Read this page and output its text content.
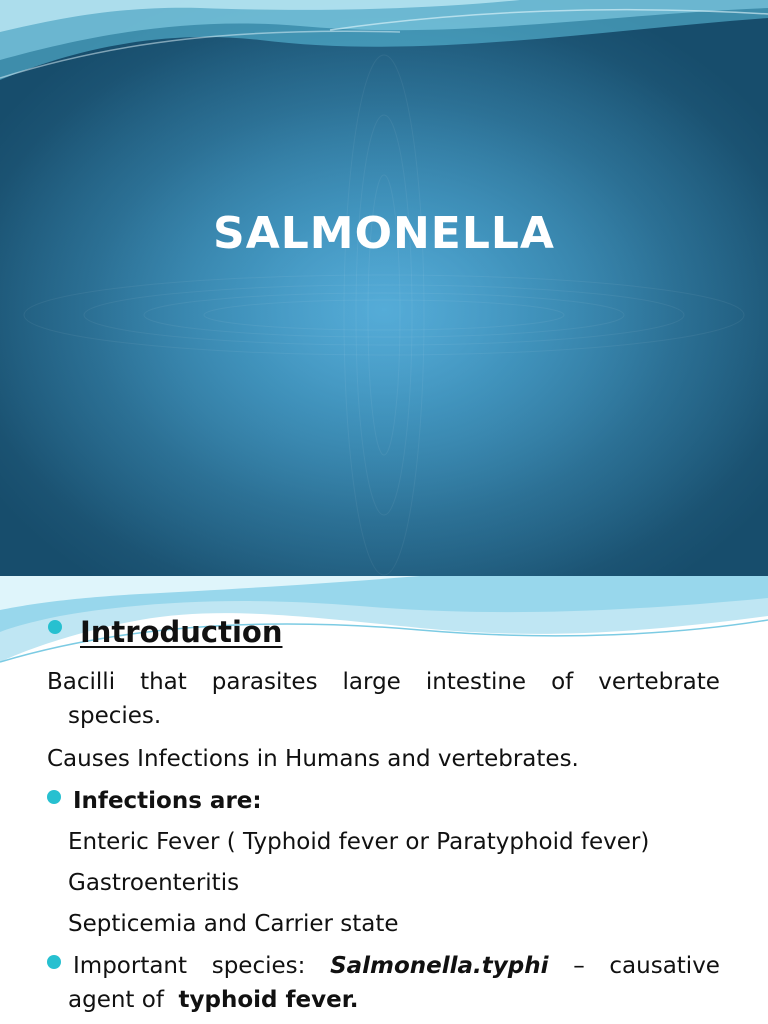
SALMONELLA
Introduction
Bacilli that parasites large intestine of vertebrate
species.
Causes Infections in Humans and vertebrates.
Infections are:
Enteric Fever ( Typhoid fever or Paratyphoid fever)
Gastroenteritis
Septicemia and Carrier state
Important species: Salmonella.typhi – causative
agent of typhoid fever.
